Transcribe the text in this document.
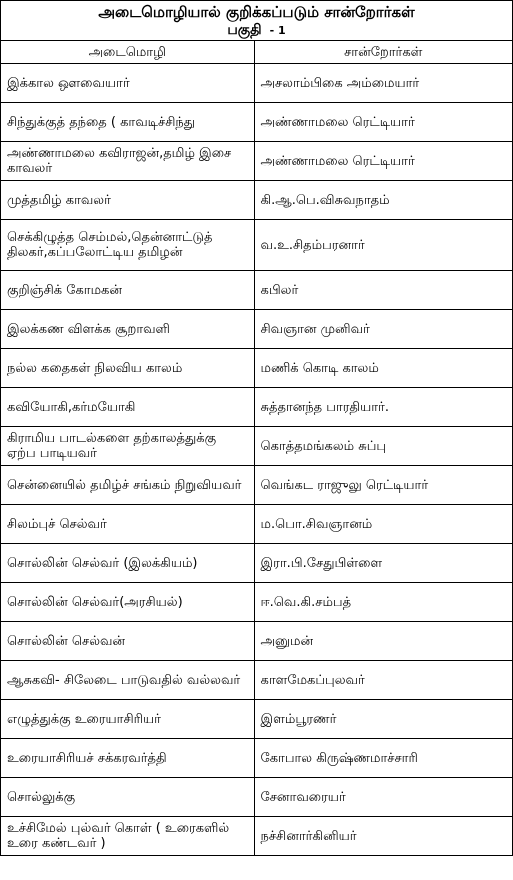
அடைமொழியால் குறிக்கப்படும் சான்றோர்கள்
பகுதி - 1
அடைமொழி	சான்றோர்கள்
இக்கால ஔவையார்	அசலாம்பிகை அம்மையார்
சிந்துக்குத் தந்தை ( காவடிச்சிந்து	அண்ணாமலை ரெட்டியார்
அண்ணாமலை கவிராஜன்,தமிழ் இசை காவலர்	அண்ணாமலை ரெட்டியார்
முத்தமிழ் காவலர்	கி.ஆ.பெ.விசுவநாதம்
செக்கிழுத்த செம்மல்,தென்னாட்டுத் திலகர்,கப்பலோட்டிய தமிழன்	வ.உ.சிதம்பரனார்
குறிஞ்சிக் கோமகன்	கபிலர்
இலக்கண விளக்க சூறாவளி	சிவஞான முனிவர்
நல்ல கதைகள் நிலவிய காலம்	மணிக் கொடி காலம்
கவியோகி,கர்மயோகி	சுத்தானந்த பாரதியார்.
கிராமிய பாடல்களை தற்காலத்துக்கு ஏற்ப பாடியவர்	கொத்தமங்கலம் சுப்பு
சென்னையில் தமிழ்ச் சங்கம் நிறுவியவர்	வெங்கட ராஜுலு ரெட்டியார்
சிலம்புச் செல்வர்	ம.பொ.சிவஞானம்
சொல்லின் செல்வர் (இலக்கியம்)	இரா.பி.சேதுபிள்ளை
சொல்லின் செல்வர்(அரசியல்)	ஈ.வெ.கி.சம்பத்
சொல்லின் செல்வன்	அனுமன்
ஆசுகவி- சிலேடை பாடுவதில் வல்லவர்	காளமேகப்புலவர்
எழுத்துக்கு உரையாசிரியர்	இளம்பூரணர்
உரையாசிரியச் சக்கரவர்த்தி	கோபால கிருஷ்ணமாச்சாரி
சொல்லுக்கு	சேனாவரையர்
உச்சிமேல் புல்வர் கொள் ( உரைகளில் உரை கண்டவர் )	நச்சினார்கினியர்
